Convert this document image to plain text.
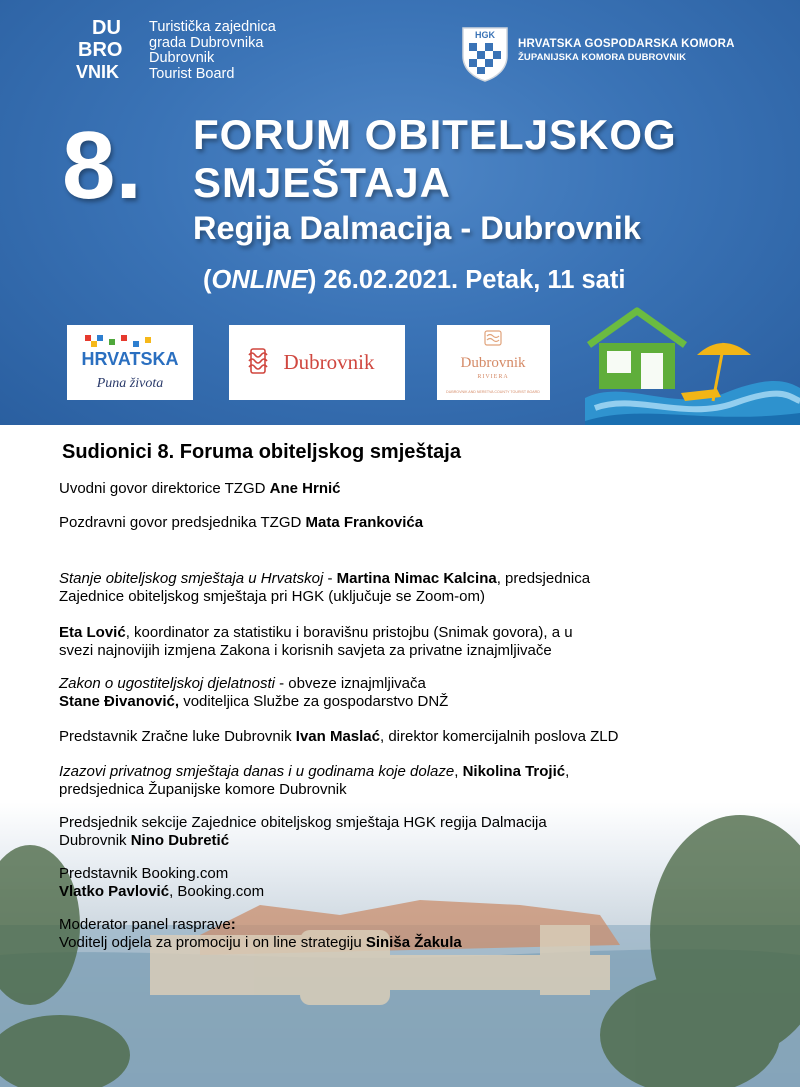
DU
BRO
VNIK
Turistička zajednica
grada Dubrovnika
Dubrovnik
Tourist Board
HGK
HRVATSKA GOSPODARSKA KOMORA
ŽUPANIJSKA KOMORA DUBROVNIK
8. FORUM OBITELJSKOG
SMJEŠTAJA
Regija Dalmacija - Dubrovnik
(ONLINE) 26.02.2021. Petak, 11 sati
HRVATSKA
Puna života
Dubrovnik	Dubrovnik
RIVIERA
DUBROVNIK AND NERETVA COUNTY TOURIST BOARD
Sudionici 8. Foruma obiteljskog smještaja
Uvodni govor direktorice TZGD Ane Hrnić
Pozdravni govor predsjednika TZGD Mata Frankovića
Stanje obiteljskog smještaja u Hrvatskoj - Martina Nimac Kalcina, predsjednica
Zajednice obiteljskog smještaja pri HGK (uključuje se Zoom-om)
Eta Lović, koordinator za statistiku i boravišnu pristojbu (Snimak govora), a u
svezi najnovijih izmjena Zakona i korisnih savjeta za privatne iznajmljivače
Zakon o ugostiteljskoj djelatnosti - obveze iznajmljivača
Stane Đivanović, voditeljica Službe za gospodarstvo DNŽ
Predstavnik Zračne luke Dubrovnik Ivan Maslać, direktor komercijalnih poslova ZLD
Izazovi privatnog smještaja danas i u godinama koje dolaze, Nikolina Trojić,
predsjednica Županijske komore Dubrovnik
Predsjednik sekcije Zajednice obiteljskog smještaja HGK regija Dalmacija
Dubrovnik Nino Dubretić
Predstavnik Booking.com
Vlatko Pavlović, Booking.com
Moderator panel rasprave:
Voditelj odjela za promociju i on line strategiju Siniša Žakula
